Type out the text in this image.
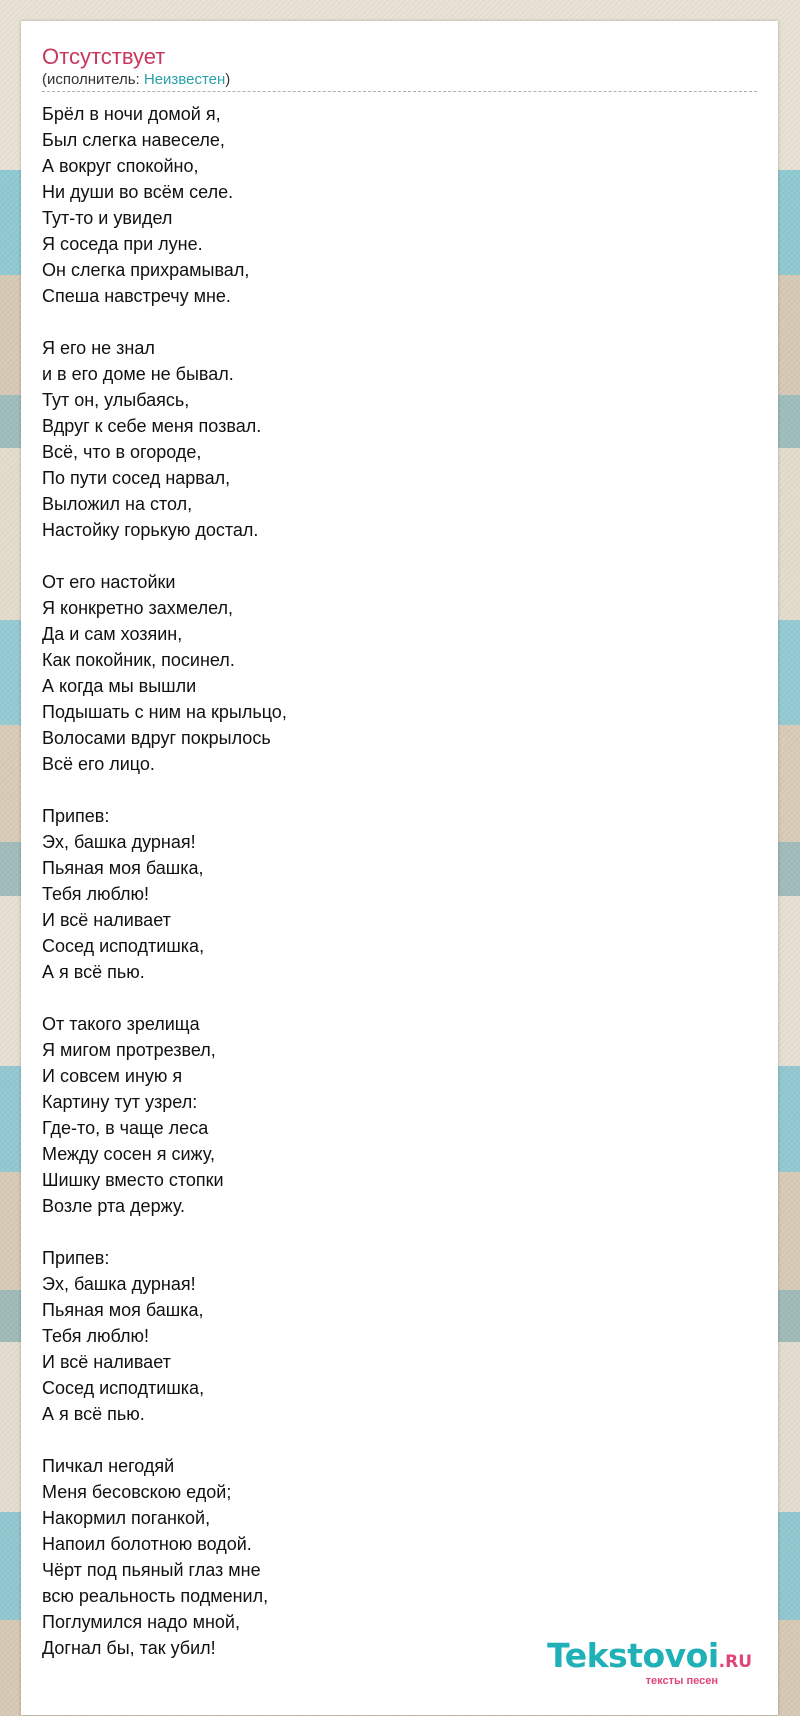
Отсутствует
(исполнитель: Неизвестен)
Брёл в ночи домой я,
Был слегка навеселе,
А вокруг спокойно,
Ни души во всём селе.
Тут-то и увидел
Я соседа при луне.
Он слегка прихрамывал,
Спеша навстречу мне.
Я его не знал
и в его доме не бывал.
Тут он, улыбаясь,
Вдруг к себе меня позвал.
Всё, что в огороде,
По пути сосед нарвал,
Выложил на стол,
Настойку горькую достал.
От его настойки
Я конкретно захмелел,
Да и сам хозяин,
Как покойник, посинел.
А когда мы вышли
Подышать с ним на крыльцо,
Волосами вдруг покрылось
Всё его лицо.
Припев:
Эх, башка дурная!
Пьяная моя башка,
Тебя люблю!
И всё наливает
Сосед исподтишка,
А я всё пью.
От такого зрелища
Я мигом протрезвел,
И совсем иную я
Картину тут узрел:
Где-то, в чаще леса
Между сосен я сижу,
Шишку вместо стопки
Возле рта держу.
Припев:
Эх, башка дурная!
Пьяная моя башка,
Тебя люблю!
И всё наливает
Сосед исподтишка,
А я всё пью.
Пичкал негодяй
Меня бесовскою едой;
Накормил поганкой,
Напоил болотною водой.
Чёрт под пьяный глаз мне
всю реальность подменил,
Поглумился надо мной,
Догнал бы, так убил!	Tekstovoi.RU
тексты песен
